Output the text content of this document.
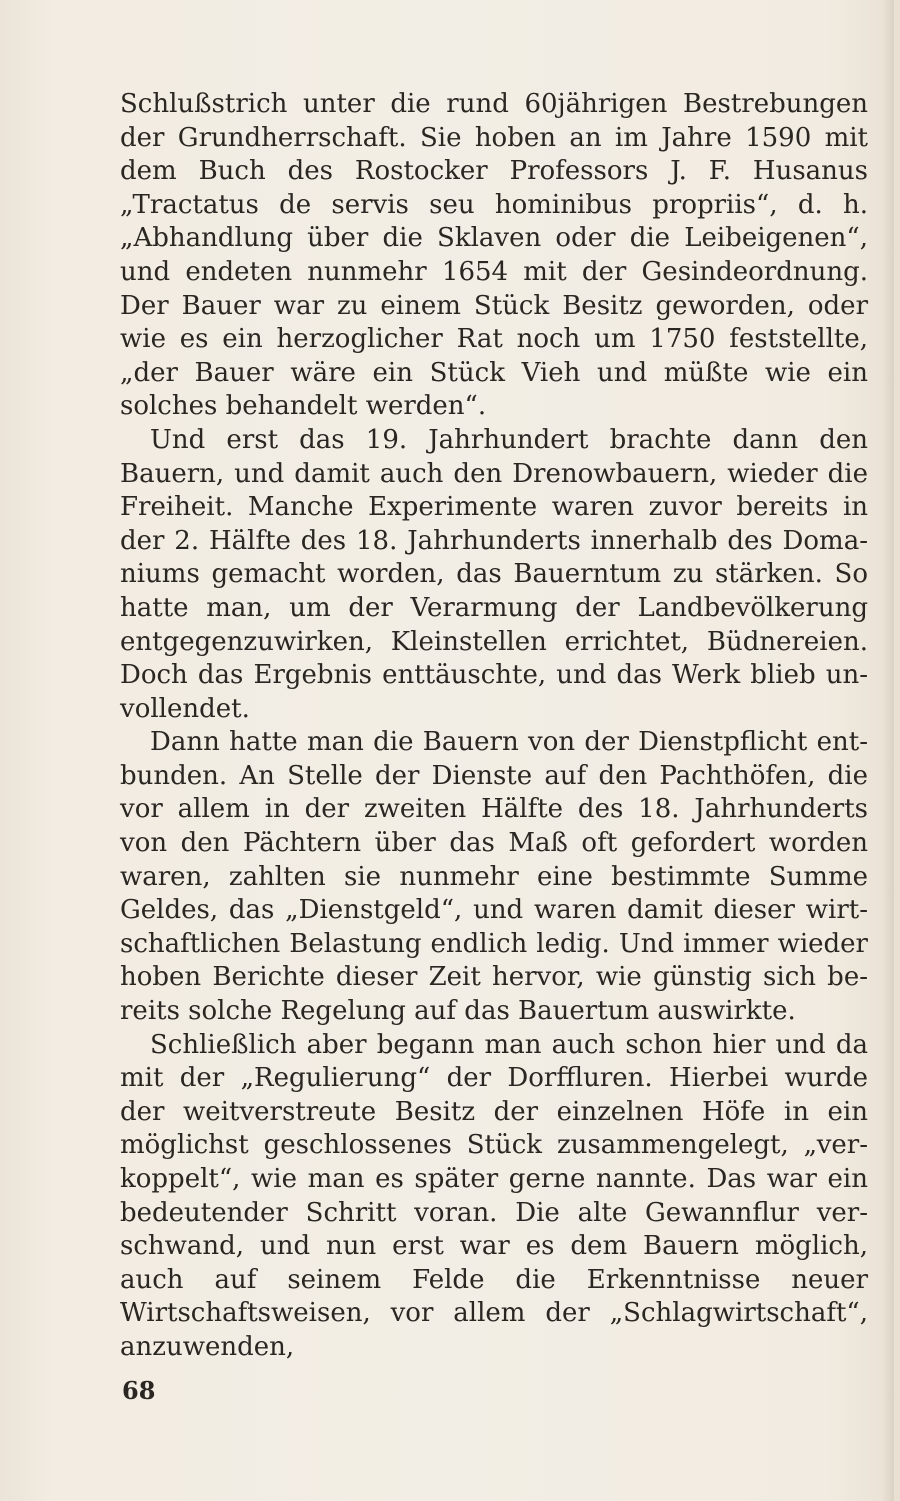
Schlußstrich unter die rund 60jährigen Bestrebungen der Grundherrschaft. Sie hoben an im Jahre 1590 mit dem Buch des Rostocker Professors J. F. Husanus „Tractatus de servis seu hominibus propriis“, d. h. „Abhandlung über die Sklaven oder die Leibeigenen“, und endeten nunmehr 1654 mit der Gesindeordnung. Der Bauer war zu einem Stück Besitz geworden, oder wie es ein herzoglicher Rat noch um 1750 feststellte, „der Bauer wäre ein Stück Vieh und müßte wie ein solches behandelt werden“.

Und erst das 19. Jahrhundert brachte dann den Bauern, und damit auch den Drenowbauern, wieder die Freiheit. Manche Experimente waren zuvor bereits in der 2. Hälfte des 18. Jahrhunderts innerhalb des Domaniums gemacht worden, das Bauerntum zu stärken. So hatte man, um der Verarmung der Landbevölkerung entgegenzuwirken, Kleinstellen errichtet, Büdnereien. Doch das Ergebnis enttäuschte, und das Werk blieb unvollendet.

Dann hatte man die Bauern von der Dienstpflicht entbunden. An Stelle der Dienste auf den Pachthöfen, die vor allem in der zweiten Hälfte des 18. Jahrhunderts von den Pächtern über das Maß oft gefordert worden waren, zahlten sie nunmehr eine bestimmte Summe Geldes, das „Dienstgeld“, und waren damit dieser wirtschaftlichen Belastung endlich ledig. Und immer wieder hoben Berichte dieser Zeit hervor, wie günstig sich bereits solche Regelung auf das Bauertum auswirkte.

Schließlich aber begann man auch schon hier und da mit der „Regulierung“ der Dorffluren. Hierbei wurde der weitverstreute Besitz der einzelnen Höfe in ein möglichst geschlossenes Stück zusammengelegt, „verkoppelt“, wie man es später gerne nannte. Das war ein bedeutender Schritt voran. Die alte Gewannflur verschwand, und nun erst war es dem Bauern möglich, auch auf seinem Felde die Erkenntnisse neuer Wirtschaftsweisen, vor allem der „Schlagwirtschaft“, anzuwenden,

68
